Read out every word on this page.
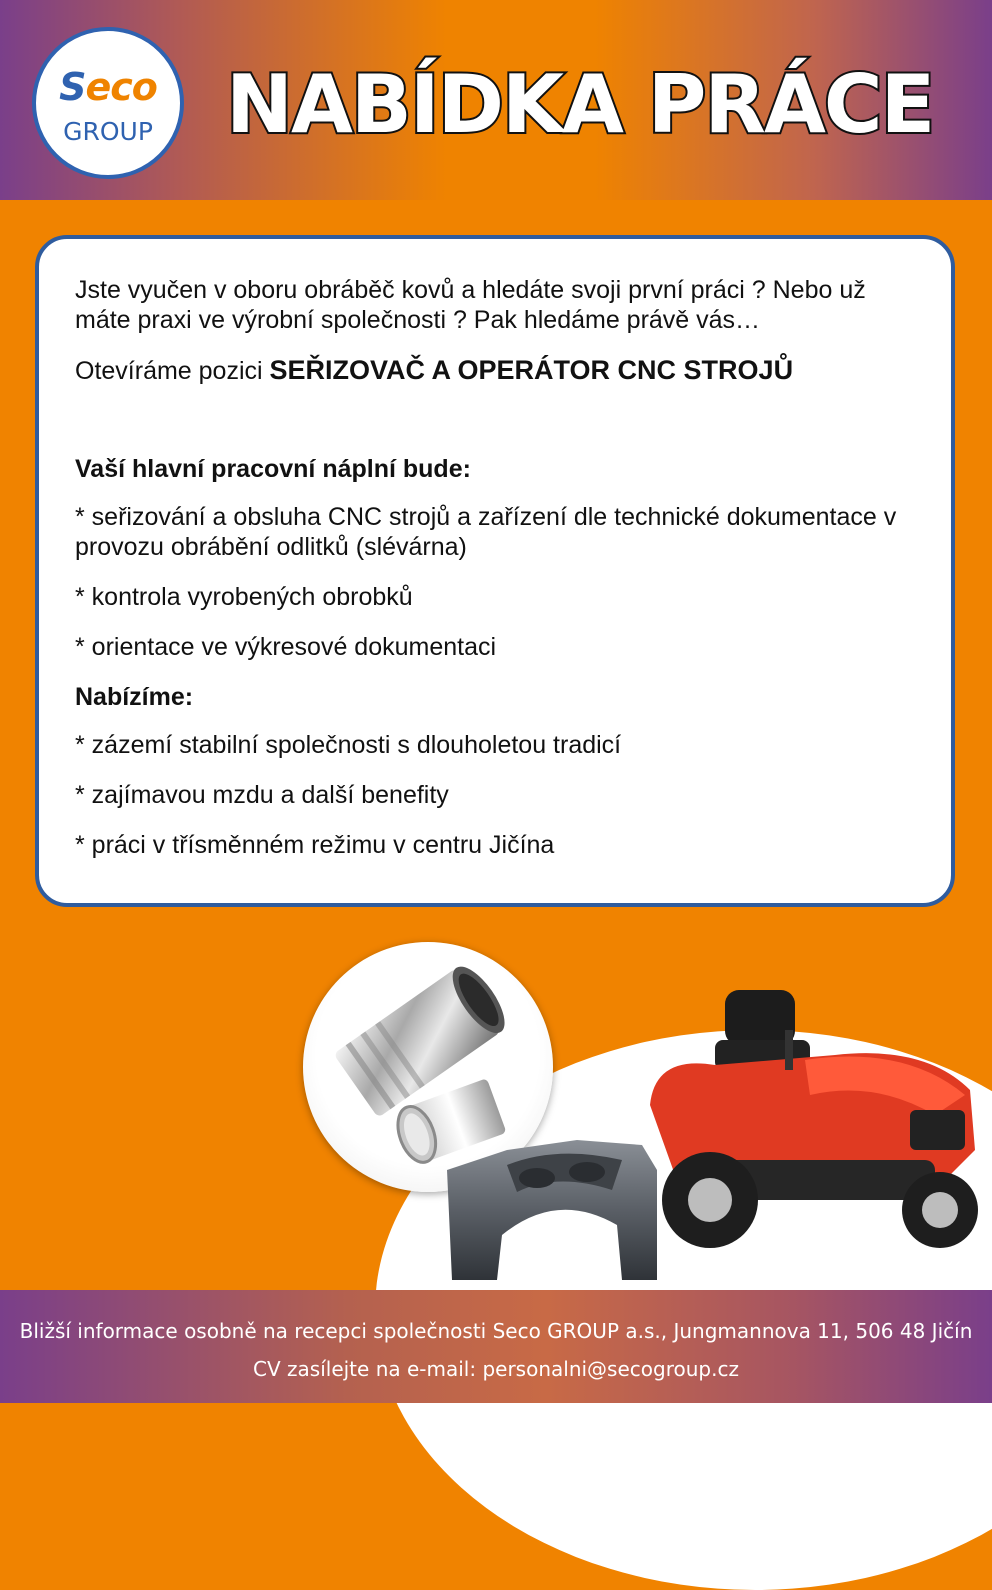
Seco
GROUP NABÍDKA PRÁCE

Jste vyučen v oboru obráběč kovů a hledáte svoji první práci ? Nebo už máte praxi ve výrobní společnosti ? Pak hledáme právě vás…

Otevíráme pozici SEŘIZOVAČ A OPERÁTOR CNC STROJŮ

Vaší hlavní pracovní náplní bude:

* seřizování a obsluha CNC strojů a zařízení dle technické dokumentace v provozu obrábění odlitků (slévárna)

* kontrola vyrobených obrobků

* orientace ve výkresové dokumentaci

Nabízíme:

* zázemí stabilní společnosti s dlouholetou tradicí

* zajímavou mzdu a další benefity

* práci v třísměnném režimu v centru Jičína

Bližší informace osobně na recepci společnosti Seco GROUP a.s., Jungmannova 11, 506 48 Jičín
CV zasílejte na e-mail: personalni@secogroup.cz
